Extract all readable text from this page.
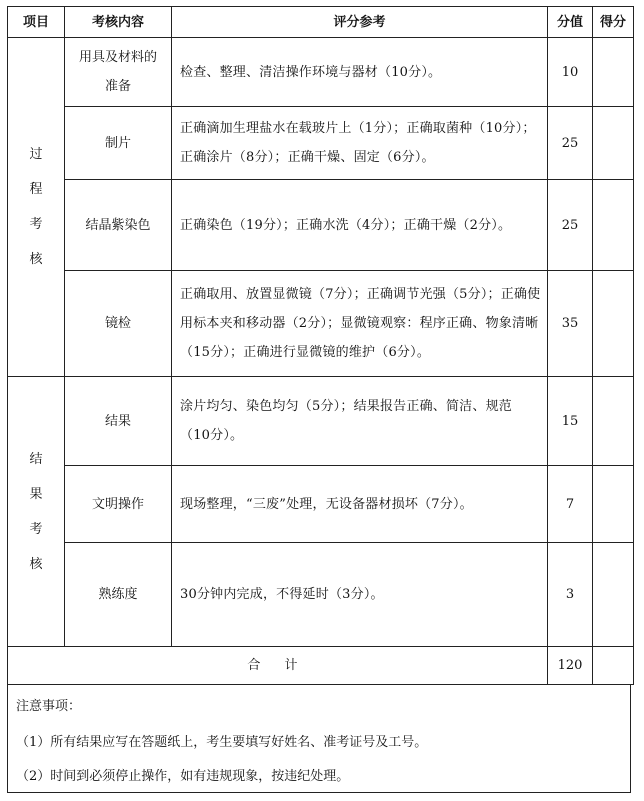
项目	考核内容	评分参考	分值	得分

过
程
考
核	用具及材料的准备	检查、整理、清洁操作环境与器材（10分）。	10	
	制片	正确滴加生理盐水在载玻片上（1分）；正确取菌种（10分）；正确涂片（8分）；正确干燥、固定（6分）。	25	
	结晶紫染色	正确染色（19分）；正确水洗（4分）；正确干燥（2分）。	25	
	镜检	正确取用、放置显微镜（7分）；正确调节光强（5分）；正确使用标本夹和移动器（2分）；显微镜观察：程序正确、物象清晰（15分）；正确进行显微镜的维护（6分）。	35	

结
果
考
核	结果	涂片均匀、染色均匀（5分）；结果报告正确、简洁、规范（10分）。	15	
	文明操作	现场整理，“三废”处理，无设备器材损坏（7分）。	7	
	熟练度	30分钟内完成，不得延时（3分）。	3	
合 计			120	

注意事项：

（1）所有结果应写在答题纸上，考生要填写好姓名、准考证号及工号。

（2）时间到必须停止操作，如有违规现象，按违纪处理。
